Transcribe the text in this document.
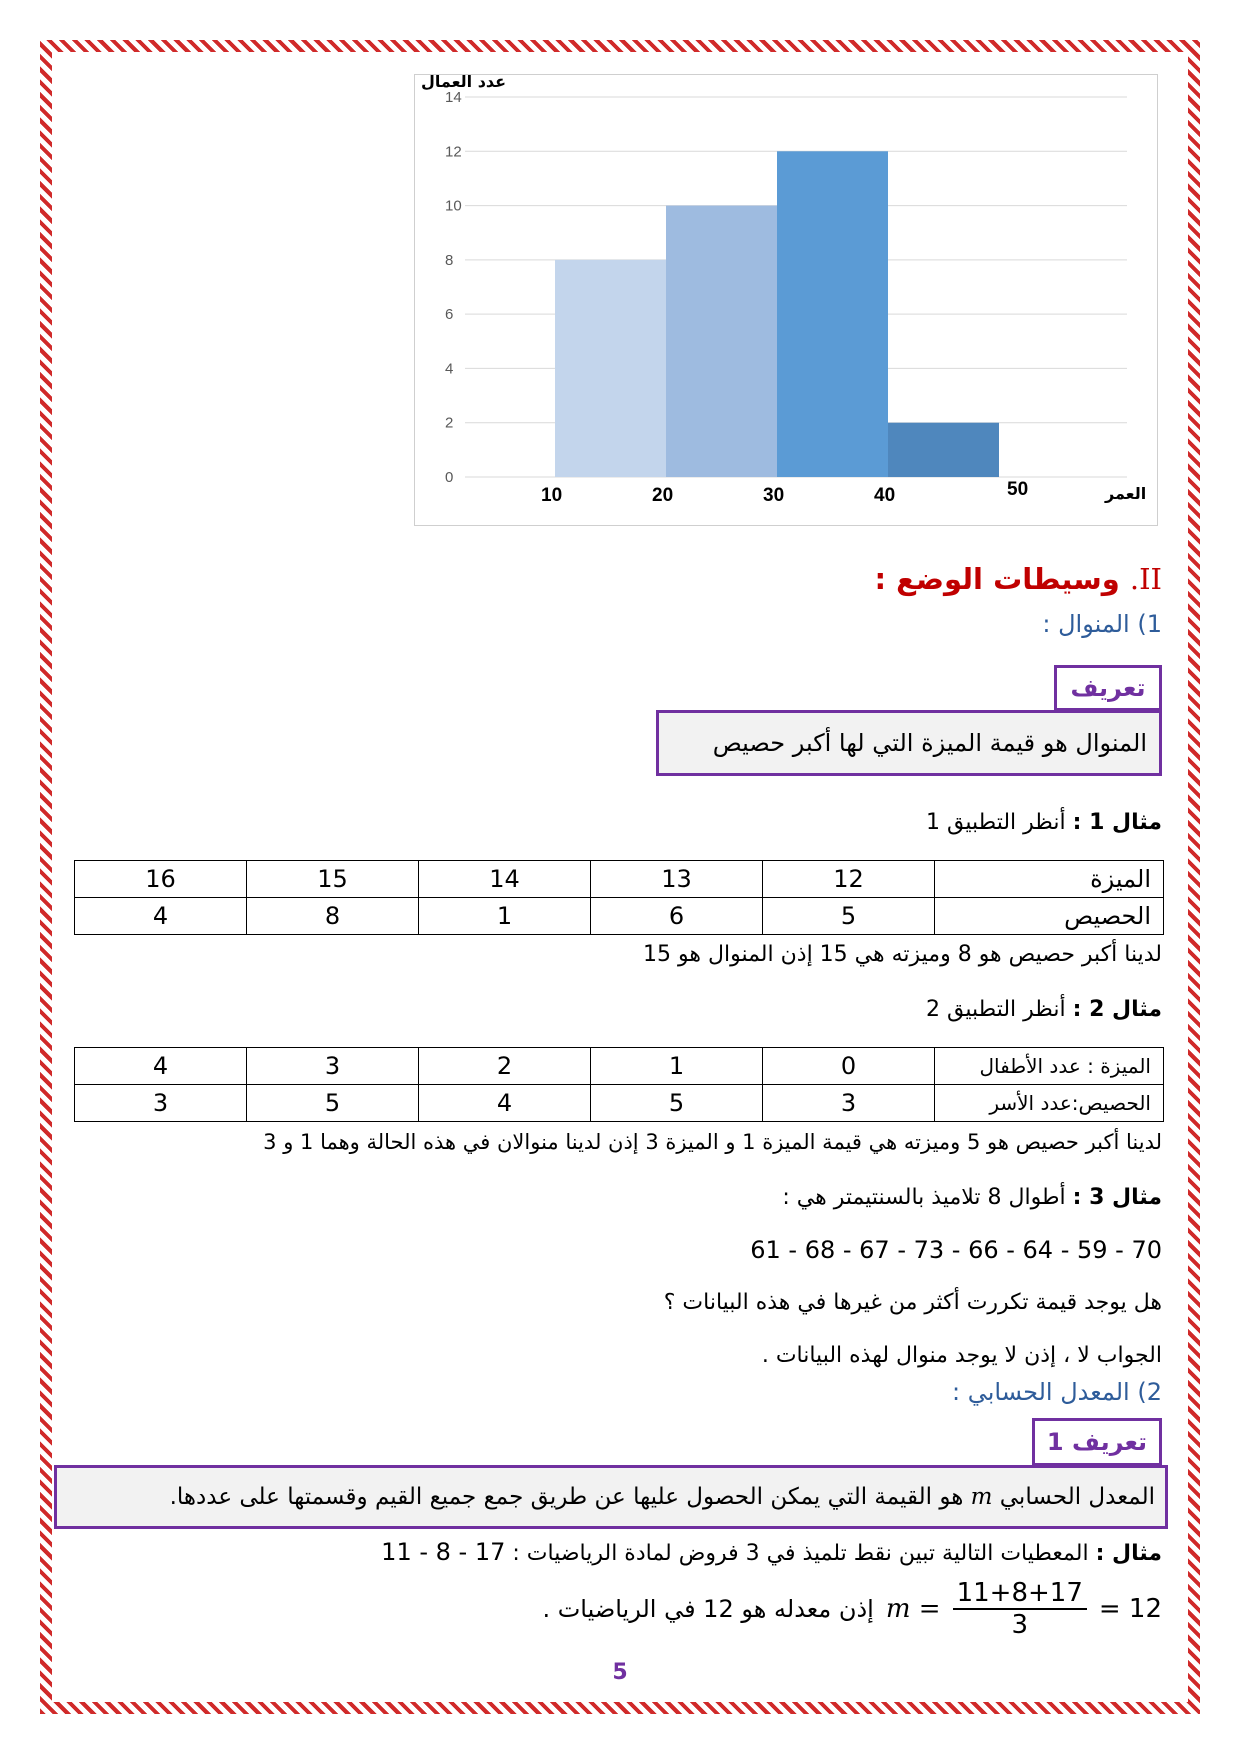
0
2
4
6
8
10
12
14
10	20	30	40	50
عدد العمال
العمر
II. وسيطات الوضع :
1) المنوال :
تعريف
المنوال هو قيمة الميزة التي لها أكبر حصيص
مثال 1 : أنظر التطبيق 1
الميزة	12	13	14	15	16
الحصيص	5	6	1	8	4
لدينا أكبر حصيص هو 8 وميزته هي 15 إذن المنوال هو 15
مثال 2 : أنظر التطبيق 2
الميزة : عدد الأطفال	0	1	2	3	4
الحصيص:عدد الأسر	3	5	4	5	3
لدينا أكبر حصيص هو 5 وميزته هي قيمة الميزة 1 و الميزة 3 إذن لدينا منوالان في هذه الحالة وهما 1 و 3
مثال 3 : أطوال 8 تلاميذ بالسنتيمتر هي :
61 - 68 - 67 - 73 - 66 - 64 - 59 - 70
هل يوجد قيمة تكررت أكثر من غيرها في هذه البيانات ؟
الجواب لا ، إذن لا يوجد منوال لهذه البيانات .
2) المعدل الحسابي :
تعريف 1
المعدل الحسابي m هو القيمة التي يمكن الحصول عليها عن طريق جمع جميع القيم وقسمتها على عددها.
مثال : المعطيات التالية تبين نقط تلميذ في 3 فروض لمادة الرياضيات : 17 - 8 - 11
= 12
$\frac{11+8+17}{3}$
m =
إذن معدله هو 12 في الرياضيات .
5
